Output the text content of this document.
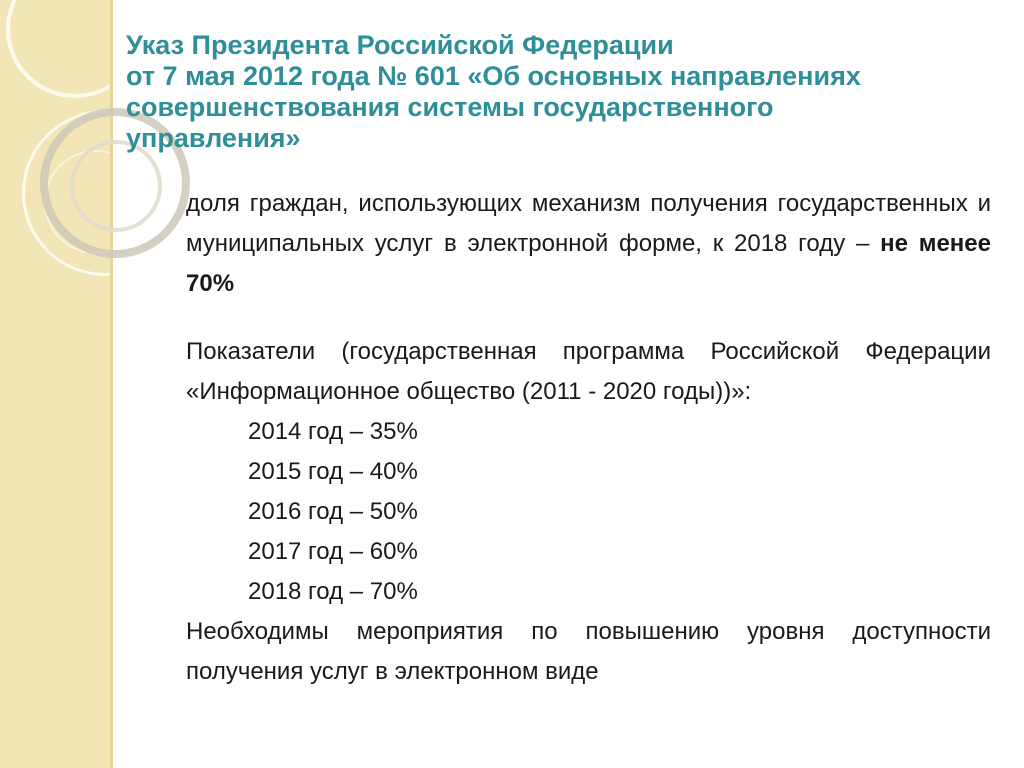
Указ Президента Российской Федерации
от 7 мая 2012 года № 601 «Об основных направлениях
совершенствования системы государственного
управления»

доля граждан, использующих механизм получения государственных и муниципальных услуг в электронной форме, к 2018 году – не менее 70%

Показатели (государственная программа Российской Федерации «Информационное общество (2011 - 2020 годы))»:

2014 год – 35%
2015 год – 40%
2016 год – 50%
2017 год – 60%
2018 год – 70%

Необходимы мероприятия по повышению уровня доступности получения услуг в электронном виде
